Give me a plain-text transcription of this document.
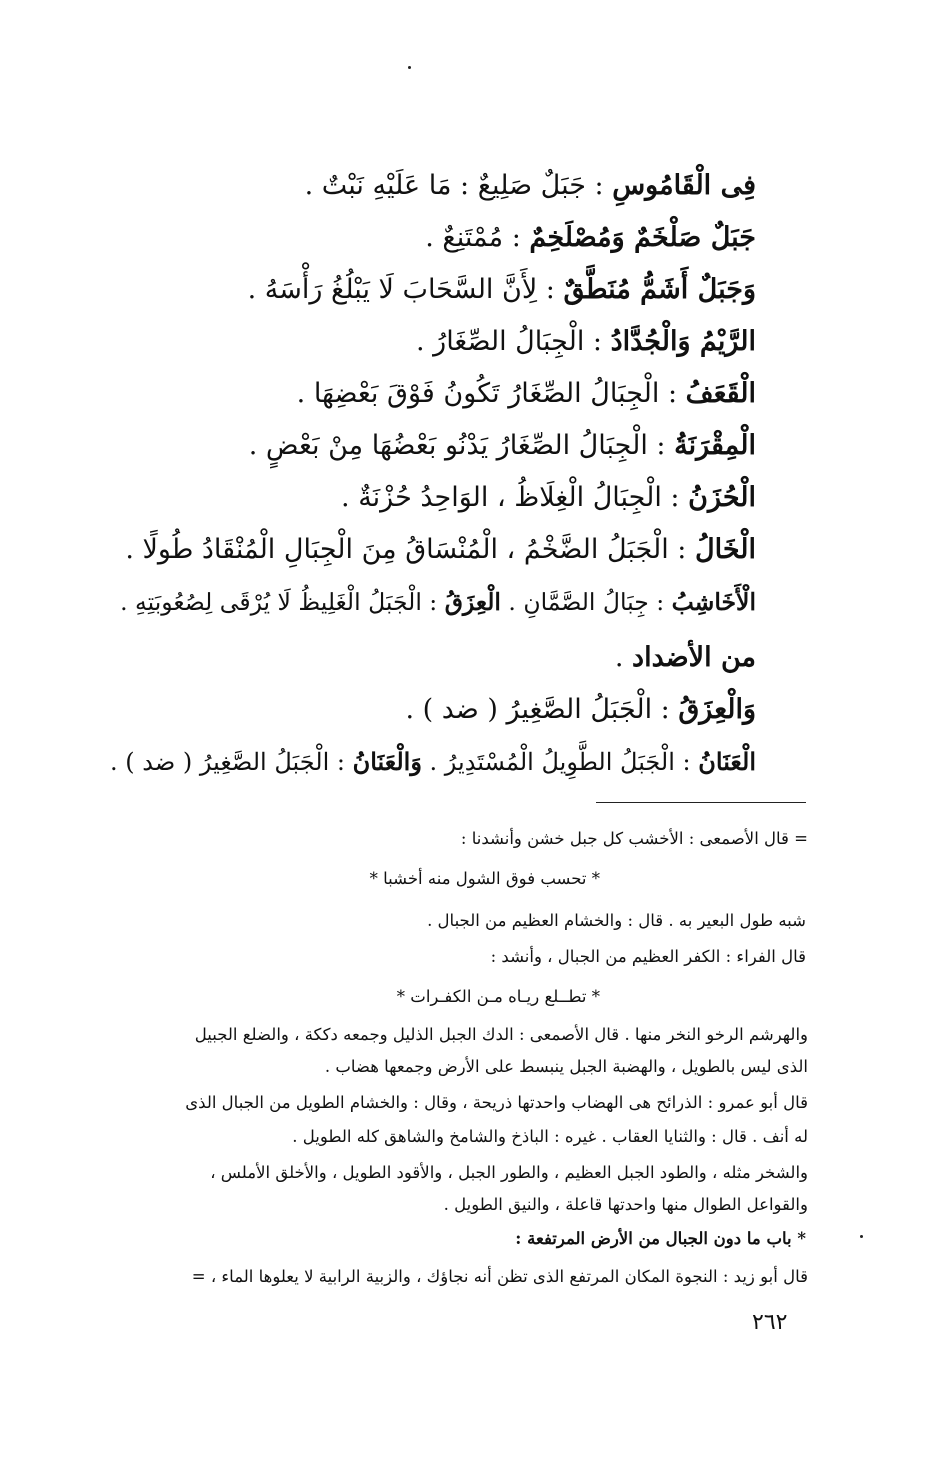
فِى الْقَامُوسِ : جَبَلٌ صَلِيعٌ : مَا عَلَيْهِ نَبْتٌ .
جَبَلٌ صَلْخَمٌ وَمُصْلَخِمٌ : مُمْتَنِعٌ .
وَجَبَلٌ أَشَمُّ مُنَطَّقٌ : لِأَنَّ السَّحَابَ لَا يَبْلُغُ رَأْسَهُ .
الرَّيْمُ وَالْجُدَّادُ : الْجِبَالُ الصِّغَارُ .
الْقَعَفُ : الْجِبَالُ الصِّغَارُ تَكُونُ فَوْقَ بَعْضِهَا .
الْمِقْرَنَةُ : الْجِبَالُ الصِّغَارُ يَدْنُو بَعْضُهَا مِنْ بَعْضٍ .
الْحُزَنُ : الْجِبَالُ الْغِلَاظُ ، الوَاحِدُ حُزْنَةٌ .
الْخَالُ : الْجَبَلُ الضَّخْمُ ، الْمُنْسَاقُ مِنَ الْجِبَالِ الْمُنْقَادُ طُولًا .
الْأَخَاشِبُ : جِبَالُ الصَّمَّانِ . الْعِزَقُ : الْجَبَلُ الْغَلِيظُ لَا يُرْقَى لِصُعُوبَتِهِ .
من الأضداد .
وَالْعِزَقُ : الْجَبَلُ الصَّغِيرُ ( ضد ) .
الْعَنَانُ : الْجَبَلُ الطَّوِيلُ الْمُسْتَدِيرُ . وَالْعَنَانُ : الْجَبَلُ الصَّغِيرُ ( ضد ) .
= قال الأصمعى : الأخشب كل جبل خشن وأنشدنا :
* تحسب فوق الشول منه أخشبا *
شبه طول البعير به . قال : والخشام العظيم من الجبال .
قال الفراء : الكفر العظيم من الجبال ، وأنشد :
* تطــلع ريـاه مـن الكفـرات *
والهرشم الرخو النخر منها . قال الأصمعى : الدك الجبل الذليل وجمعه دككة ، والضلع الجبيل
الذى ليس بالطويل ، والهضبة الجبل ينبسط على الأرض وجمعها هضاب .
قال أبو عمرو : الذرائح هى الهضاب واحدتها ذريحة ، وقال : والخشام الطويل من الجبال الذى
له أنف . قال : والثنايا العقاب . غيره : الباذخ والشامخ والشاهق كله الطويل .
والشخر مثله ، والطود الجبل العظيم ، والطور الجبل ، والأقود الطويل ، والأخلق الأملس ،
والقواعل الطوال منها واحدتها قاعلة ، والنيق الطويل .
* باب ما دون الجبال من الأرض المرتفعة :
قال أبو زيد : النجوة المكان المرتفع الذى تظن أنه نجاؤك ، والزبية الرابية لا يعلوها الماء ، =
٢٦٢
